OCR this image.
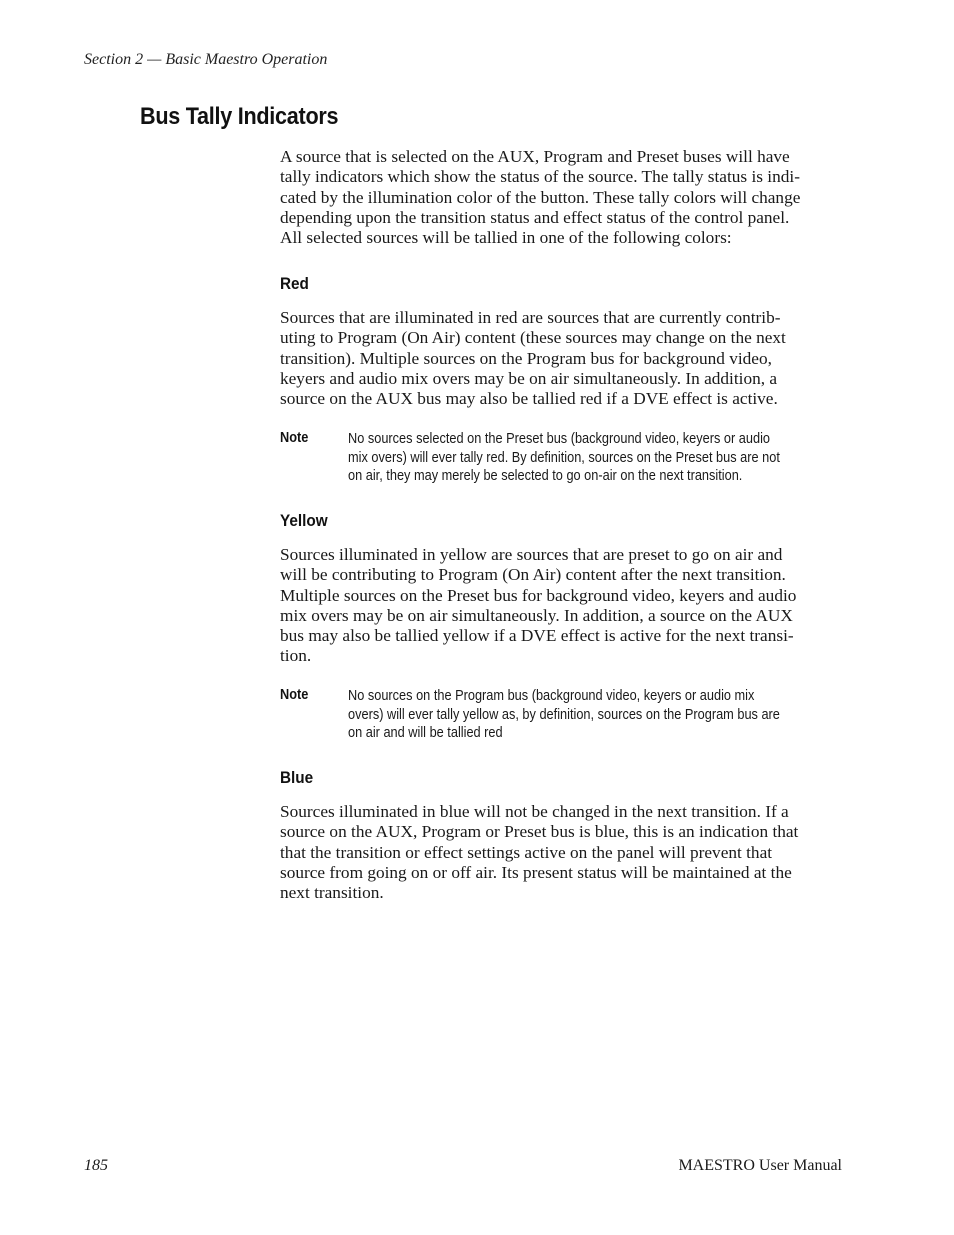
Section 2 — Basic Maestro Operation
Bus Tally Indicators

A source that is selected on the AUX, Program and Preset buses will have
tally indicators which show the status of the source. The tally status is indi-
cated by the illumination color of the button. These tally colors will change
depending upon the transition status and effect status of the control panel.
All selected sources will be tallied in one of the following colors:

Red

Sources that are illuminated in red are sources that are currently contrib-
uting to Program (On Air) content (these sources may change on the next
transition). Multiple sources on the Program bus for background video,
keyers and audio mix overs may be on air simultaneously. In addition, a
source on the AUX bus may also be tallied red if a DVE effect is active.

Note	No sources selected on the Preset bus (background video, keyers or audio
mix overs) will ever tally red. By definition, sources on the Preset bus are not
on air, they may merely be selected to go on-air on the next transition.

Yellow

Sources illuminated in yellow are sources that are preset to go on air and
will be contributing to Program (On Air) content after the next transition.
Multiple sources on the Preset bus for background video, keyers and audio
mix overs may be on air simultaneously. In addition, a source on the AUX
bus may also be tallied yellow if a DVE effect is active for the next transi-
tion.

Note	No sources on the Program bus (background video, keyers or audio mix
overs) will ever tally yellow as, by definition, sources on the Program bus are
on air and will be tallied red

Blue

Sources illuminated in blue will not be changed in the next transition. If a
source on the AUX, Program or Preset bus is blue, this is an indication that
that the transition or effect settings active on the panel will prevent that
source from going on or off air. Its present status will be maintained at the
next transition.

185	MAESTRO User Manual
